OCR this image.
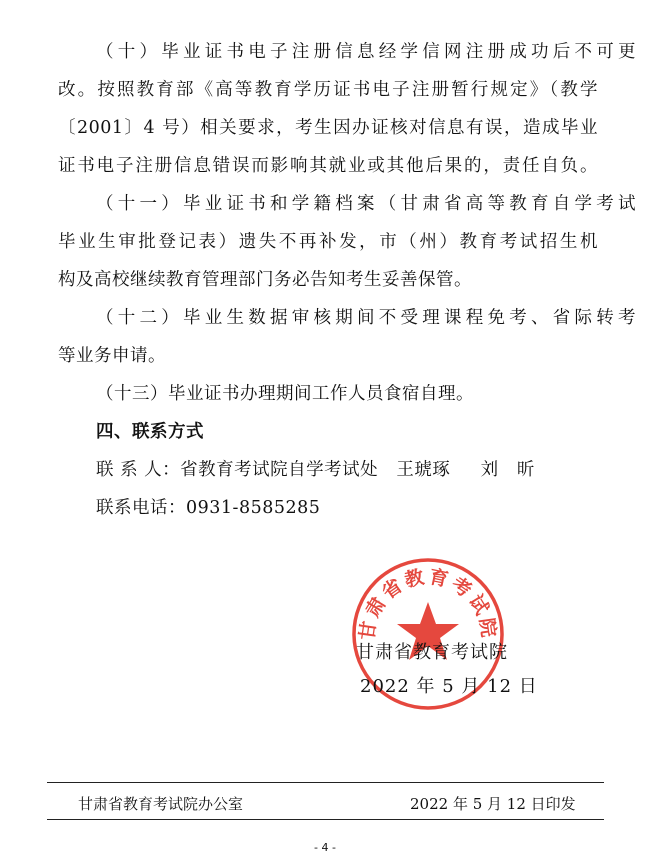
（十）毕业证书电子注册信息经学信网注册成功后不可更
改。按照教育部《高等教育学历证书电子注册暂行规定》（教学
〔2001〕4 号）相关要求，考生因办证核对信息有误，造成毕业
证书电子注册信息错误而影响其就业或其他后果的，责任自负。
（十一）毕业证书和学籍档案（甘肃省高等教育自学考试
毕业生审批登记表）遗失不再补发，市（州）教育考试招生机
构及高校继续教育管理部门务必告知考生妥善保管。
（十二）毕业生数据审核期间不受理课程免考、省际转考
等业务申请。
（十三）毕业证书办理期间工作人员食宿自理。
四、联系方式
联 系 人：省教育考试院自学考试处   王琥琢     刘   昕
联系电话：0931-8585285
甘肃省教育考试院
甘肃省教育考试院
2022 年 5 月 12 日
甘肃省教育考试院办公室	2022 年 5 月 12 日印发
- 4 -
